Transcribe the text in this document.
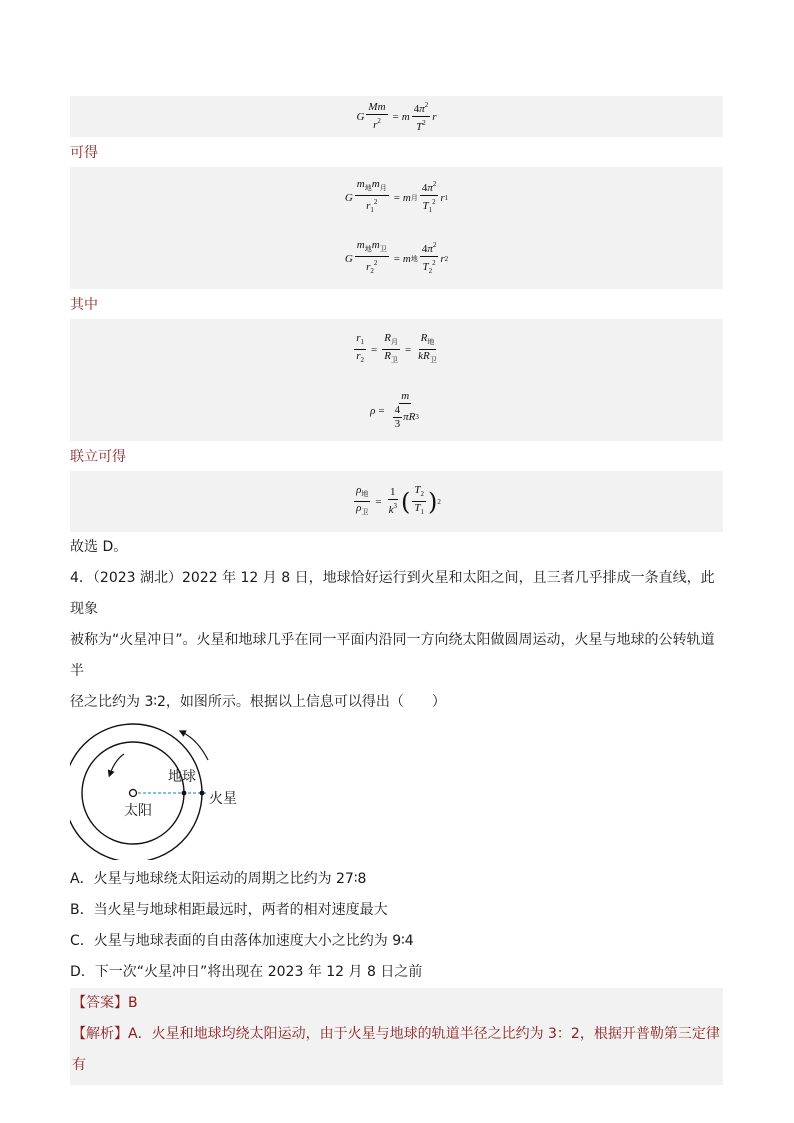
G $\frac{Mm}{r^2} = m \frac{4\pi^2}{T^2}$ r
可得
G $\frac{m_地m_月}{r_1^2} = m$ 月 $\frac{4\pi^2}{T_1^2}$ r 1
G $\frac{m_地m_卫}{r_2^2} = m$ 地 $\frac{4\pi^2}{T_2^2}$ r 2
其中
$\frac{r_1}{r_2} = \frac{R_月}{R_卫} = \frac{R_地}{kR_卫}$
$\rho = \frac{m}{\frac{4}{3} \pi R 3}$
联立可得
$\frac{\rho_地}{\rho_卫} = \frac{1}{k^3}$ ( $\frac{T_2}{T_1}$ ) 2
故选 D。
4．（2023 湖北）2022 年 12 月 8 日，地球恰好运行到火星和太阳之间，且三者几乎排成一条直线，此现象
被称为“火星冲日”。火星和地球几乎在同一平面内沿同一方向绕太阳做圆周运动，火星与地球的公转轨道半
径之比约为 3∶2，如图所示。根据以上信息可以得出（　　）
地球
太阳
火星
A．火星与地球绕太阳运动的周期之比约为 27∶8
B．当火星与地球相距最远时，两者的相对速度最大
C．火星与地球表面的自由落体加速度大小之比约为 9∶4
D．下一次“火星冲日”将出现在 2023 年 12 月 8 日之前
【答案】B
【解析】A．火星和地球均绕太阳运动，由于火星与地球的轨道半径之比约为 3：2，根据开普勒第三定律
有
